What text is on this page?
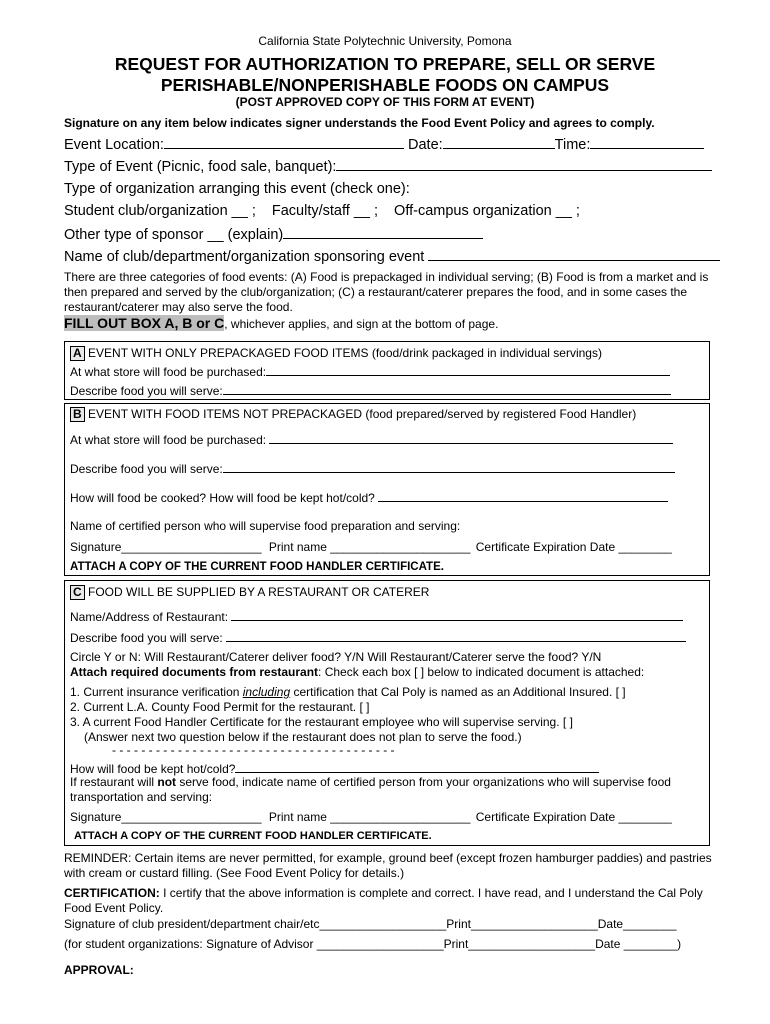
California State Polytechnic University, Pomona
REQUEST FOR AUTHORIZATION TO PREPARE, SELL OR SERVE
PERISHABLE/NONPERISHABLE FOODS ON CAMPUS
(POST APPROVED COPY OF THIS FORM AT EVENT)
Signature on any item below indicates signer understands the Food Event Policy and agrees to comply.
Event Location:	Date:	Time:
Type of Event (Picnic, food sale, banquet):
Type of organization arranging this event (check one):
Student club/organization __ ; Faculty/staff __ ; Off-campus organization __ ;
Other type of sponsor __ (explain)
Name of club/department/organization sponsoring event
There are three categories of food events: (A) Food is prepackaged in individual serving; (B) Food is from a market and is then prepared and served by the club/organization; (C) a restaurant/caterer prepares the food, and in some cases the restaurant/caterer may also serve the food.
FILL OUT BOX A, B or C, whichever applies, and sign at the bottom of page.
A EVENT WITH ONLY PREPACKAGED FOOD ITEMS (food/drink packaged in individual servings)
At what store will food be purchased:
Describe food you will serve:
B EVENT WITH FOOD ITEMS NOT PREPACKAGED (food prepared/served by registered Food Handler)
At what store will food be purchased:
Describe food you will serve:
How will food be cooked? How will food be kept hot/cold?
Name of certified person who will supervise food preparation and serving:
Signature_____________________ Print name _____________________ Certificate Expiration Date ________
ATTACH A COPY OF THE CURRENT FOOD HANDLER CERTIFICATE.
C FOOD WILL BE SUPPLIED BY A RESTAURANT OR CATERER
Name/Address of Restaurant:
Describe food you will serve:
Circle Y or N: Will Restaurant/Caterer deliver food? Y/N Will Restaurant/Caterer serve the food? Y/N
Attach required documents from restaurant: Check each box [ ] below to indicated document is attached:
1. Current insurance verification including certification that Cal Poly is named as an Additional Insured. [ ]
2. Current L.A. County Food Permit for the restaurant. [ ]
3. A current Food Handler Certificate for the restaurant employee who will supervise serving. [ ]
(Answer next two question below if the restaurant does not plan to serve the food.)
- - - - - - - - - - - - - - - - - - - - - - - - - - - - - - - - - - - - - - -
How will food be kept hot/cold?
If restaurant will not serve food, indicate name of certified person from your organizations who will supervise food transportation and serving:
Signature_____________________ Print name _____________________ Certificate Expiration Date ________
ATTACH A COPY OF THE CURRENT FOOD HANDLER CERTIFICATE.
REMINDER: Certain items are never permitted, for example, ground beef (except frozen hamburger paddies) and pastries with cream or custard filling. (See Food Event Policy for details.)
CERTIFICATION: I certify that the above information is complete and correct. I have read, and I understand the Cal Poly Food Event Policy.
Signature of club president/department chair/etc___________________Print___________________Date________
(for student organizations: Signature of Advisor ___________________Print___________________Date ________)
APPROVAL:
